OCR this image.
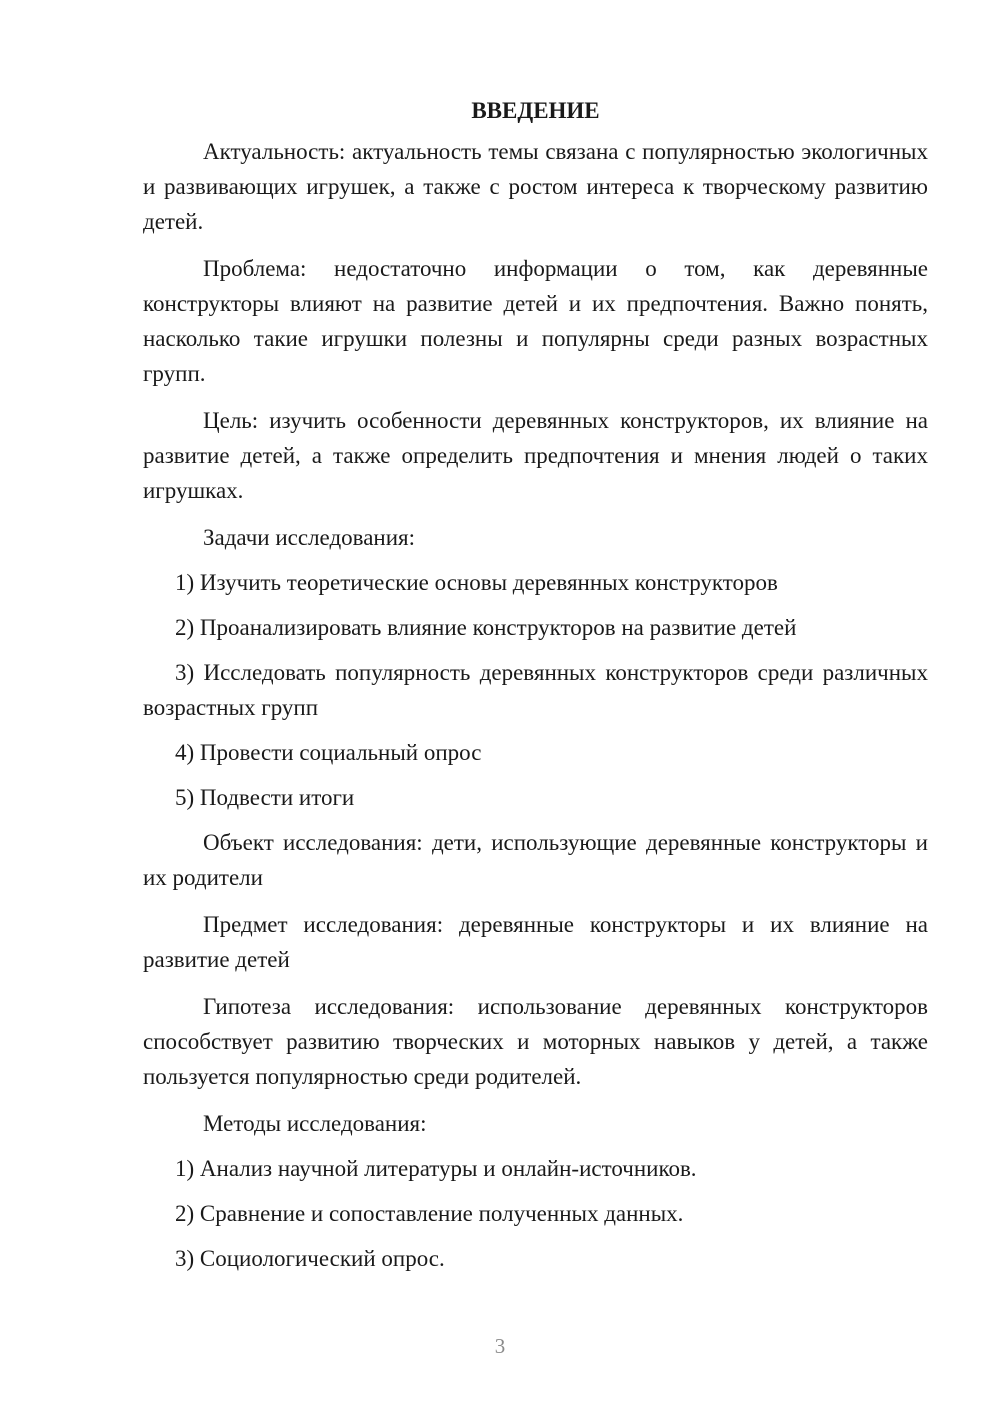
ВВЕДЕНИЕ

Актуальность: актуальность темы связана с популярностью экологичных и развивающих игрушек, а также с ростом интереса к творческому развитию детей.

Проблема: недостаточно информации о том, как деревянные конструкторы влияют на развитие детей и их предпочтения. Важно понять, насколько такие игрушки полезны и популярны среди разных возрастных групп.

Цель: изучить особенности деревянных конструкторов, их влияние на развитие детей, а также определить предпочтения и мнения людей о таких игрушках.

Задачи исследования:

1) Изучить теоретические основы деревянных конструкторов
2) Проанализировать влияние конструкторов на развитие детей
3) Исследовать популярность деревянных конструкторов среди различных возрастных групп
4) Провести социальный опрос
5) Подвести итоги

Объект исследования: дети, использующие деревянные конструкторы и их родители

Предмет исследования: деревянные конструкторы и их влияние на развитие детей

Гипотеза исследования: использование деревянных конструкторов способствует развитию творческих и моторных навыков у детей, а также пользуется популярностью среди родителей.

Методы исследования:

1) Анализ научной литературы и онлайн-источников.
2) Сравнение и сопоставление полученных данных.
3) Социологический опрос.
3
